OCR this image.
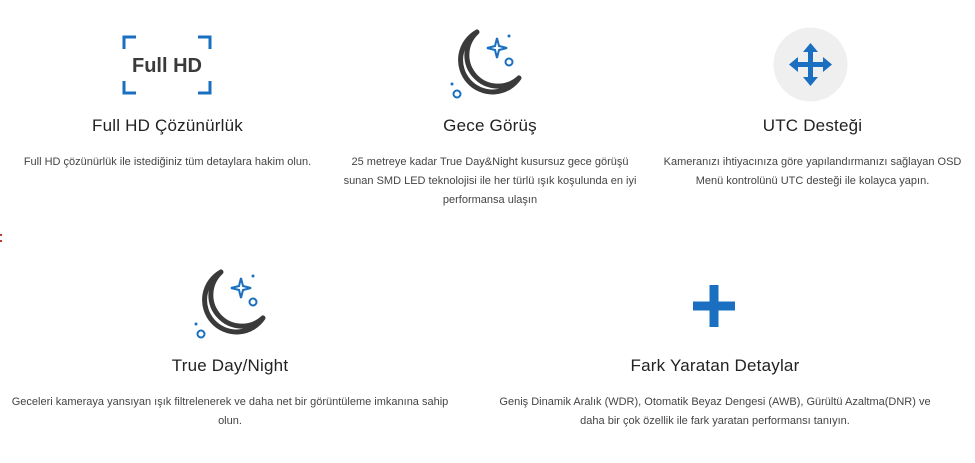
Full HD
Full HD Çözünürlük
Full HD çözünürlük ile istediğiniz tüm detaylara hakim olun.
Gece Görüş
25 metreye kadar True Day&Night kusursuz gece görüşü sunan SMD LED teknolojisi ile her türlü ışık koşulunda en iyi performansa ulaşın
UTC Desteği
Kameranızı ihtiyacınıza göre yapılandırmanızı sağlayan OSD Menü kontrolünü UTC desteği ile kolayca yapın.
True Day/Night
Geceleri kameraya yansıyan ışık filtrelenerek ve daha net bir görüntüleme imkanına sahip olun.
Fark Yaratan Detaylar
Geniş Dinamik Aralık (WDR), Otomatik Beyaz Dengesi (AWB), Gürültü Azaltma(DNR) ve daha bir çok özellik ile fark yaratan performansı tanıyın.
